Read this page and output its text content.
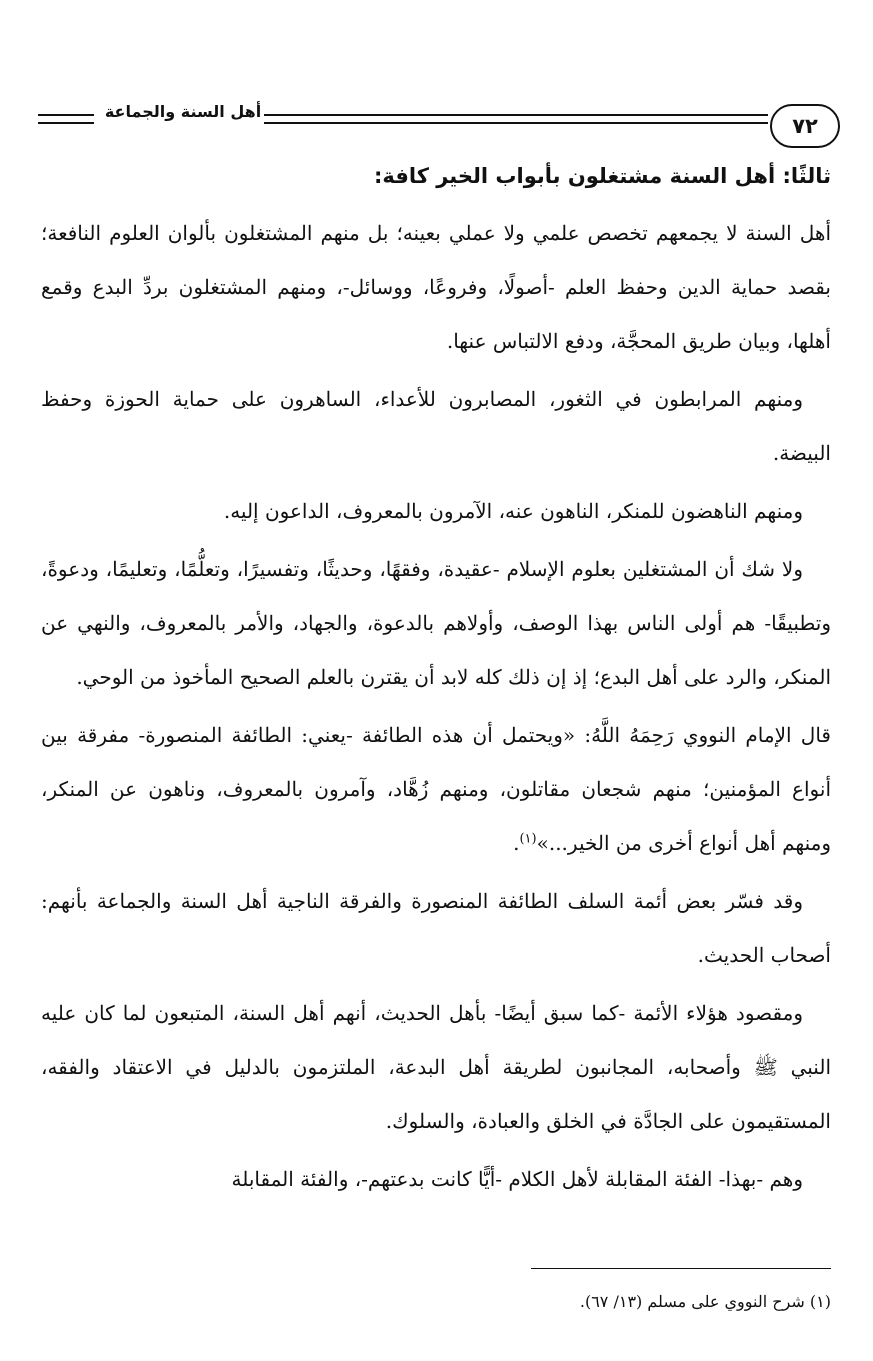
٧٢
أهل السنة والجماعة
ثالثًا: أهل السنة مشتغلون بأبواب الخير كافة:

أهل السنة لا يجمعهم تخصص علمي ولا عملي بعينه؛ بل منهم المشتغلون بألوان العلوم النافعة؛ بقصد حماية الدين وحفظ العلم -أصولًا، وفروعًا، ووسائل-، ومنهم المشتغلون بردِّ البدع وقمع أهلها، وبيان طريق المحجَّة، ودفع الالتباس عنها.

ومنهم المرابطون في الثغور، المصابرون للأعداء، الساهرون على حماية الحوزة وحفظ البيضة.

ومنهم الناهضون للمنكر، الناهون عنه، الآمرون بالمعروف، الداعون إليه.

ولا شك أن المشتغلين بعلوم الإسلام -عقيدة، وفقهًا، وحديثًا، وتفسيرًا، وتعلُّمًا، وتعليمًا، ودعوةً، وتطبيقًا- هم أولى الناس بهذا الوصف، وأولاهم بالدعوة، والجهاد، والأمر بالمعروف، والنهي عن المنكر، والرد على أهل البدع؛ إذ إن ذلك كله لابد أن يقترن بالعلم الصحيح المأخوذ من الوحي.

قال الإمام النووي رَحِمَهُ اللَّهُ: «ويحتمل أن هذه الطائفة -يعني: الطائفة المنصورة- مفرقة بين أنواع المؤمنين؛ منهم شجعان مقاتلون، ومنهم زُهَّاد، وآمرون بالمعروف، وناهون عن المنكر، ومنهم أهل أنواع أخرى من الخير...»$^{(١)}$.

وقد فسّر بعض أئمة السلف الطائفة المنصورة والفرقة الناجية أهل السنة والجماعة بأنهم: أصحاب الحديث.

ومقصود هؤلاء الأئمة -كما سبق أيضًا- بأهل الحديث، أنهم أهل السنة، المتبعون لما كان عليه النبي ﷺ وأصحابه، المجانبون لطريقة أهل البدعة، الملتزمون بالدليل في الاعتقاد والفقه، المستقيمون على الجادَّة في الخلق والعبادة، والسلوك.

وهم -بهذا- الفئة المقابلة لأهل الكلام -أيًّا كانت بدعتهم-، والفئة المقابلة

(١) شرح النووي على مسلم (١٣/ ٦٧).
